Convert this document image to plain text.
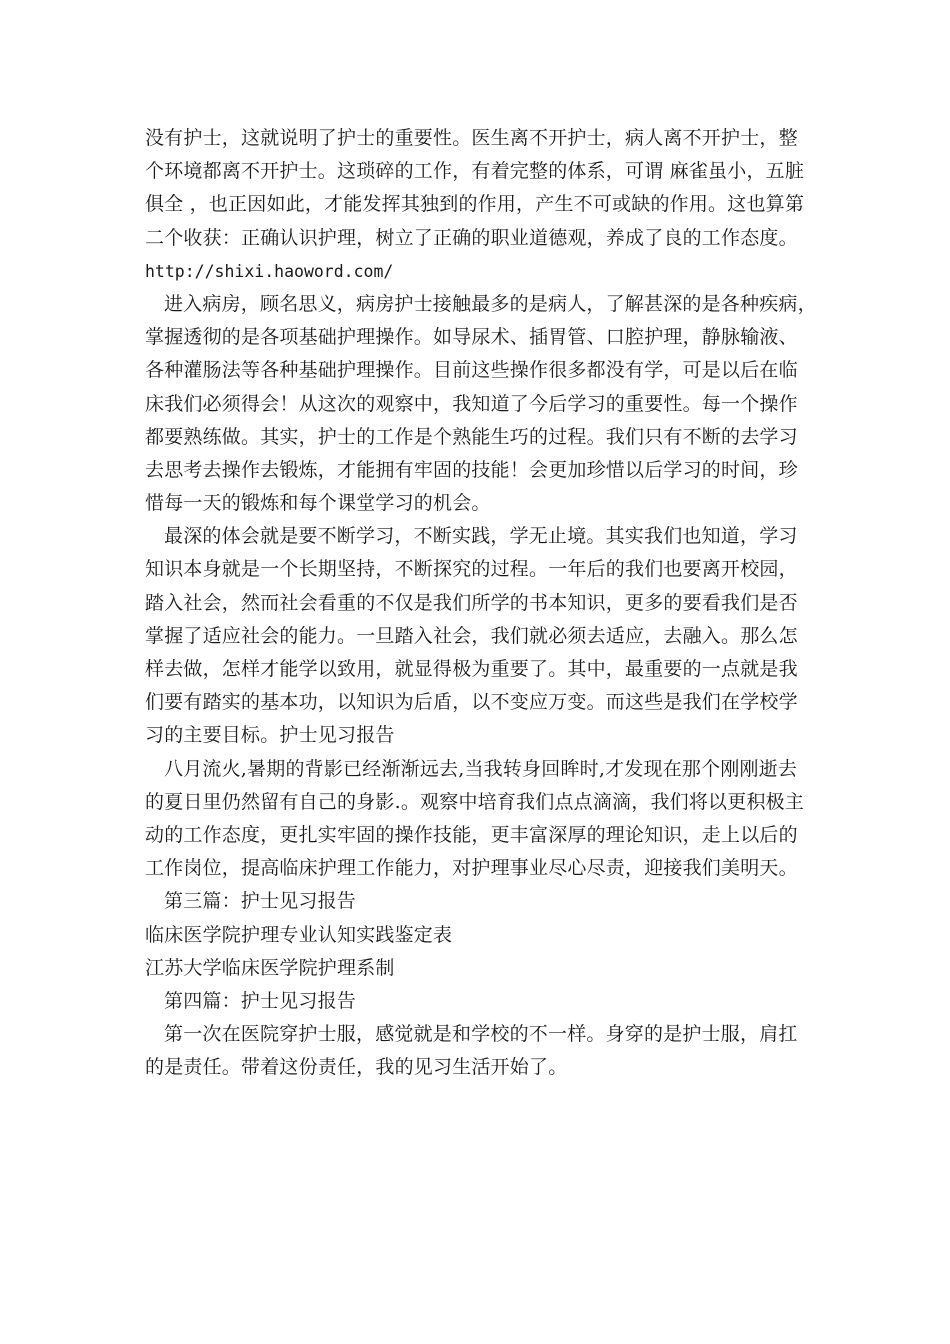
没有护士，这就说明了护士的重要性。医生离不开护士，病人离不开护士，整
个环境都离不开护士。这琐碎的工作，有着完整的体系，可谓 麻雀虽小，五脏
俱全 ，也正因如此，才能发挥其独到的作用，产生不可或缺的作用。这也算第
二个收获：正确认识护理，树立了正确的职业道德观，养成了良的工作态度。
http://shixi.haoword.com/
进入病房，顾名思义，病房护士接触最多的是病人，了解甚深的是各种疾病，
掌握透彻的是各项基础护理操作。如导尿术、插胃管、口腔护理，静脉输液、
各种灌肠法等各种基础护理操作。目前这些操作很多都没有学，可是以后在临
床我们必须得会！从这次的观察中，我知道了今后学习的重要性。每一个操作
都要熟练做。其实，护士的工作是个熟能生巧的过程。我们只有不断的去学习
去思考去操作去锻炼，才能拥有牢固的技能！会更加珍惜以后学习的时间，珍
惜每一天的锻炼和每个课堂学习的机会。
最深的体会就是要不断学习，不断实践，学无止境。其实我们也知道，学习
知识本身就是一个长期坚持，不断探究的过程。一年后的我们也要离开校园，
踏入社会，然而社会看重的不仅是我们所学的书本知识，更多的要看我们是否
掌握了适应社会的能力。一旦踏入社会，我们就必须去适应，去融入。那么怎
样去做，怎样才能学以致用，就显得极为重要了。其中，最重要的一点就是我
们要有踏实的基本功，以知识为后盾，以不变应万变。而这些是我们在学校学
习的主要目标。护士见习报告
八月流火,暑期的背影已经渐渐远去,当我转身回眸时,才发现在那个刚刚逝去
的夏日里仍然留有自己的身影.。观察中培育我们点点滴滴，我们将以更积极主
动的工作态度，更扎实牢固的操作技能，更丰富深厚的理论知识，走上以后的
工作岗位，提高临床护理工作能力，对护理事业尽心尽责，迎接我们美明天。
第三篇：护士见习报告
临床医学院护理专业认知实践鉴定表
江苏大学临床医学院护理系制
第四篇：护士见习报告
第一次在医院穿护士服，感觉就是和学校的不一样。身穿的是护士服，肩扛
的是责任。带着这份责任，我的见习生活开始了。
